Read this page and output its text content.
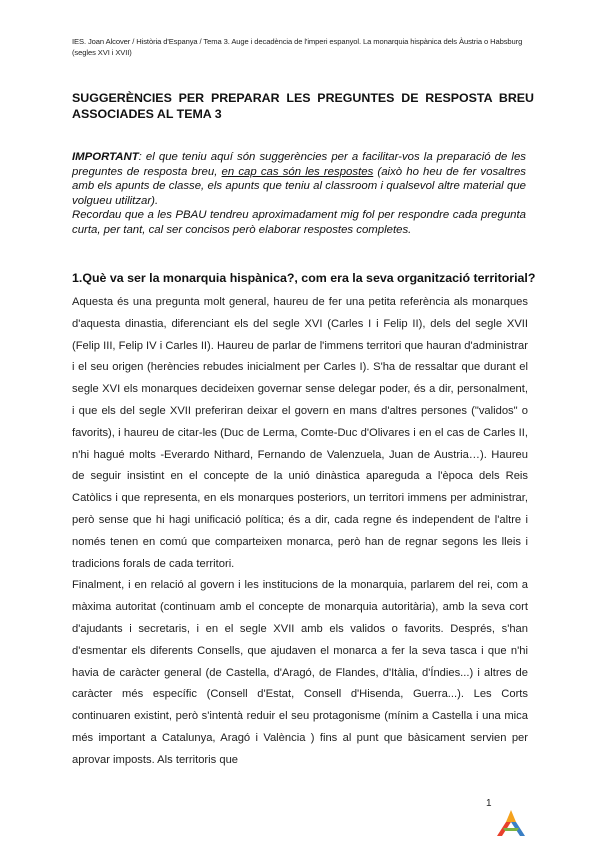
IES. Joan Alcover / Història d'Espanya / Tema 3. Auge i decadència de l'imperi espanyol. La monarquia hispànica dels Àustria o Habsburg (segles XVI i XVII)
SUGGERÈNCIES PER PREPARAR LES PREGUNTES DE RESPOSTA BREU ASSOCIADES AL TEMA 3

IMPORTANT: el que teniu aquí són suggerències per a facilitar-vos la preparació de les preguntes de resposta breu, en cap cas són les respostes (això ho heu de fer vosaltres amb els apunts de classe, els apunts que teniu al classroom i qualsevol altre material que volgueu utilitzar).

Recordau que a les PBAU tendreu aproximadament mig fol per respondre cada pregunta curta, per tant, cal ser concisos però elaborar respostes completes.

1.Què va ser la monarquia hispànica?, com era la seva organització territorial?

Aquesta és una pregunta molt general, haureu de fer una petita referència als monarques d'aquesta dinastia, diferenciant els del segle XVI (Carles I i Felip II), dels del segle XVII (Felip III, Felip IV i Carles II). Haureu de parlar de l'immens territori que hauran d'administrar i el seu origen (herències rebudes inicialment per Carles I). S'ha de ressaltar que durant el segle XVI els monarques decideixen governar sense delegar poder, és a dir, personalment, i que els del segle XVII preferiran deixar el govern en mans d'altres persones ("validos" o favorits), i haureu de citar-les (Duc de Lerma, Comte-Duc d'Olivares i en el cas de Carles II, n'hi hagué molts -Everardo Nithard, Fernando de Valenzuela, Juan de Austria…). Haureu de seguir insistint en el concepte de la unió dinàstica apareguda a l'època dels Reis Catòlics i que representa, en els monarques posteriors, un territori immens per administrar, però sense que hi hagi unificació política; és a dir, cada regne és independent de l'altre i només tenen en comú que comparteixen monarca, però han de regnar segons les lleis i tradicions forals de cada territori.

Finalment, i en relació al govern i les institucions de la monarquia, parlarem del rei, com a màxima autoritat (continuam amb el concepte de monarquia autoritària), amb la seva cort d'ajudants i secretaris, i en el segle XVII amb els validos o favorits. Després, s'han d'esmentar els diferents Consells, que ajudaven el monarca a fer la seva tasca i que n'hi havia de caràcter general (de Castella, d'Aragó, de Flandes, d'Itàlia, d'Índies...) i altres de caràcter més específic (Consell d'Estat, Consell d'Hisenda, Guerra...). Les Corts continuaren existint, però s'intentà reduir el seu protagonisme (mínim a Castella i una mica més important a Catalunya, Aragó i València ) fins al punt que bàsicament servien per aprovar imposts. Als territoris que

1
